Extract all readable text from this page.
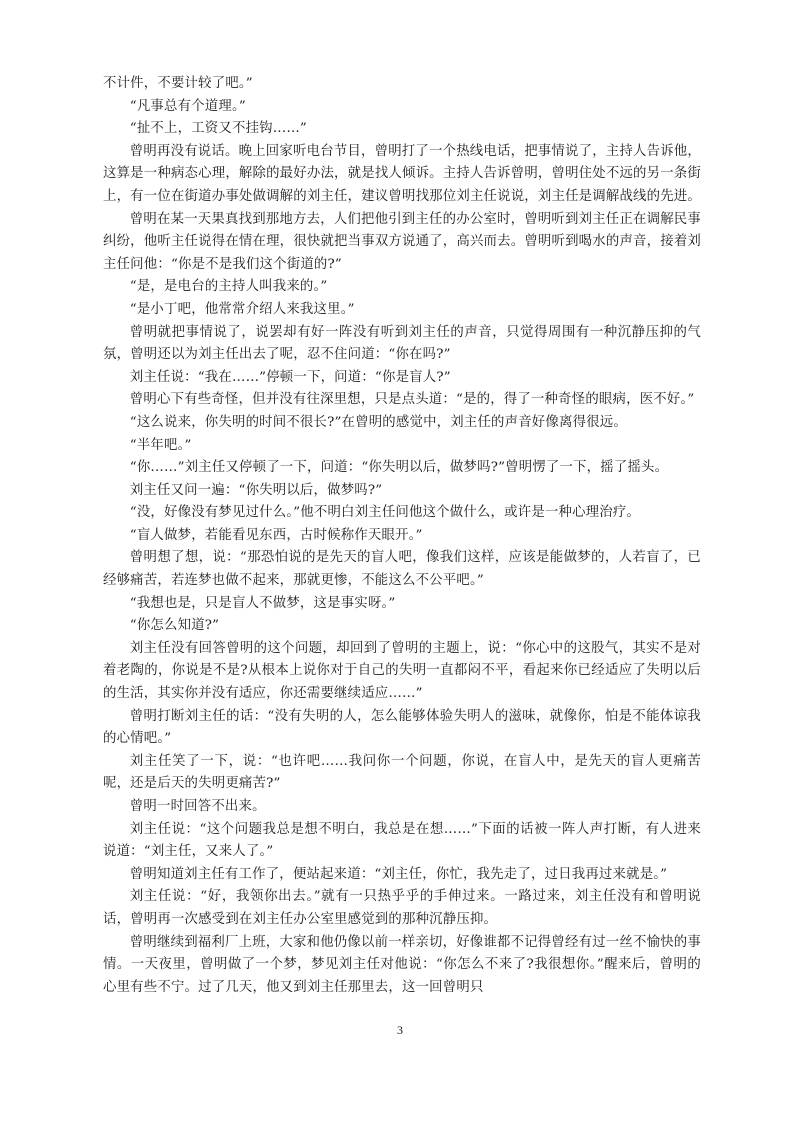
不计件，不要计较了吧。”

“凡事总有个道理。”

“扯不上，工资又不挂钩……”

曾明再没有说话。晚上回家听电台节目，曾明打了一个热线电话，把事情说了，主持人告诉他，这算是一种病态心理，解除的最好办法，就是找人倾诉。主持人告诉曾明，曾明住处不远的另一条街上，有一位在街道办事处做调解的刘主任，建议曾明找那位刘主任说说，刘主任是调解战线的先进。

曾明在某一天果真找到那地方去，人们把他引到主任的办公室时，曾明听到刘主任正在调解民事纠纷，他听主任说得在情在理，很快就把当事双方说通了，高兴而去。曾明听到喝水的声音，接着刘主任问他：“你是不是我们这个街道的?”

“是，是电台的主持人叫我来的。”

“是小丁吧，他常常介绍人来我这里。”

曾明就把事情说了，说罢却有好一阵没有听到刘主任的声音，只觉得周围有一种沉静压抑的气氛，曾明还以为刘主任出去了呢，忍不住问道：“你在吗?”

刘主任说：“我在……”停顿一下，问道：“你是盲人?”

曾明心下有些奇怪，但并没有往深里想，只是点头道：“是的，得了一种奇怪的眼病，医不好。”

“这么说来，你失明的时间不很长?”在曾明的感觉中，刘主任的声音好像离得很远。

“半年吧。”

“你……”刘主任又停顿了一下，问道：“你失明以后，做梦吗?”曾明愣了一下，摇了摇头。

刘主任又问一遍：“你失明以后，做梦吗?”

“没，好像没有梦见过什么。”他不明白刘主任问他这个做什么，或许是一种心理治疗。

“盲人做梦，若能看见东西，古时候称作天眼开。”

曾明想了想，说：“那恐怕说的是先天的盲人吧，像我们这样，应该是能做梦的，人若盲了，已经够痛苦，若连梦也做不起来，那就更惨，不能这么不公平吧。”

“我想也是，只是盲人不做梦，这是事实呀。”

“你怎么知道?”

刘主任没有回答曾明的这个问题，却回到了曾明的主题上，说：“你心中的这股气，其实不是对着老陶的，你说是不是?从根本上说你对于自己的失明一直都闷不平，看起来你已经适应了失明以后的生活，其实你并没有适应，你还需要继续适应……”

曾明打断刘主任的话：“没有失明的人，怎么能够体验失明人的滋味，就像你，怕是不能体谅我的心情吧。”

刘主任笑了一下，说：“也许吧……我问你一个问题，你说，在盲人中，是先天的盲人更痛苦呢，还是后天的失明更痛苦?”

曾明一时回答不出来。

刘主任说：“这个问题我总是想不明白，我总是在想……”下面的话被一阵人声打断，有人进来说道：“刘主任，又来人了。”

曾明知道刘主任有工作了，便站起来道：“刘主任，你忙，我先走了，过日我再过来就是。”

刘主任说：“好，我领你出去。”就有一只热乎乎的手伸过来。一路过来，刘主任没有和曾明说话，曾明再一次感受到在刘主任办公室里感觉到的那种沉静压抑。

曾明继续到福利厂上班，大家和他仍像以前一样亲切，好像谁都不记得曾经有过一丝不愉快的事情。一天夜里，曾明做了一个梦，梦见刘主任对他说：“你怎么不来了?我很想你。”醒来后，曾明的心里有些不宁。过了几天，他又到刘主任那里去，这一回曾明只

3
